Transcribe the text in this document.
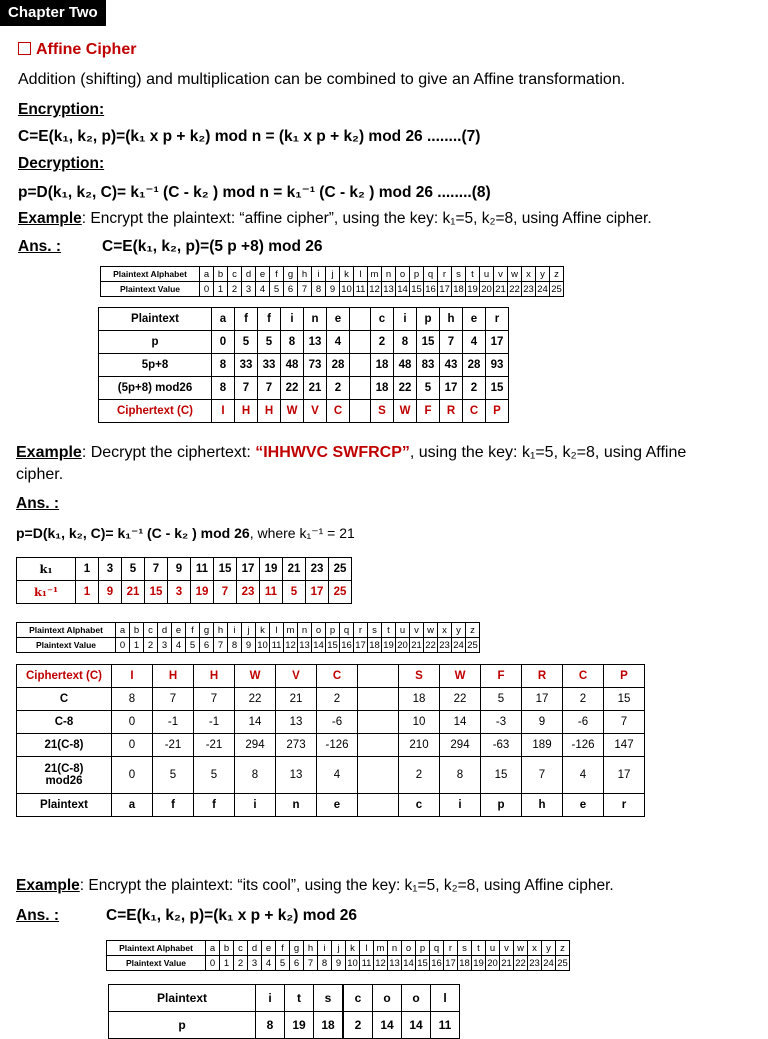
Chapter Two
Affine Cipher
Addition (shifting) and multiplication can be combined to give an Affine transformation.
Encryption:
C=E(k₁, k₂, p)=(k₁ x p + k₂) mod n = (k₁ x p + k₂) mod 26 ........(7)
Decryption:
p=D(k₁, k₂, C)= k₁⁻¹ (C - k₂ ) mod n = k₁⁻¹ (C - k₂ ) mod 26 ........(8)
Example: Encrypt the plaintext: “affine cipher”, using the key: k₁=5, k₂=8, using Affine cipher.
Ans. :	C=E(k₁, k₂, p)=(5 p +8) mod 26
Plaintext Alphabet	a	b	c	d	e	f	g	h	i	j	k	l	m	n	o	p	q	r	s	t	u	v	w	x	y	z
Plaintext Value	0	1	2	3	4	5	6	7	8	9	10	11	12	13	14	15	16	17	18	19	20	21	22	23	24	25
Plaintext	a	f	f	i	n	e		c	i	p	h	e	r
p	0	5	5	8	13	4		2	8	15	7	4	17
5p+8	8	33	33	48	73	28		18	48	83	43	28	93
(5p+8) mod26	8	7	7	22	21	2		18	22	5	17	2	15
Ciphertext (C)	I	H	H	W	V	C		S	W	F	R	C	P
Example: Decrypt the ciphertext: “IHHWVC SWFRCP”, using the key: k₁=5, k₂=8, using Affine
cipher.
Ans. :
p=D(k₁, k₂, C)= k₁⁻¹ (C - k₂ ) mod 26, where k₁⁻¹ = 21
k₁	1	3	5	7	9	11	15	17	19	21	23	25
k₁⁻¹	1	9	21	15	3	19	7	23	11	5	17	25
Plaintext Alphabet	a	b	c	d	e	f	g	h	i	j	k	l	m	n	o	p	q	r	s	t	u	v	w	x	y	z
Plaintext Value	0	1	2	3	4	5	6	7	8	9	10	11	12	13	14	15	16	17	18	19	20	21	22	23	24	25
Ciphertext (C)	I	H	H	W	V	C		S	W	F	R	C	P
C	8	7	7	22	21	2		18	22	5	17	2	15
C-8	0	-1	-1	14	13	-6		10	14	-3	9	-6	7
21(C-8)	0	-21	-21	294	273	-126		210	294	-63	189	-126	147
21(C-8)
mod26	0	5	5	8	13	4		2	8	15	7	4	17
Plaintext	a	f	f	i	n	e		c	i	p	h	e	r
Example: Encrypt the plaintext: “its cool”, using the key: k₁=5, k₂=8, using Affine cipher.
Ans. :	C=E(k₁, k₂, p)=(k₁ x p + k₂) mod 26
Plaintext Alphabet	a	b	c	d	e	f	g	h	i	j	k	l	m	n	o	p	q	r	s	t	u	v	w	x	y	z
Plaintext Value	0	1	2	3	4	5	6	7	8	9	10	11	12	13	14	15	16	17	18	19	20	21	22	23	24	25
Plaintext	i	t	s		c	o	o	l
p	8	19	18		2	14	14	11
